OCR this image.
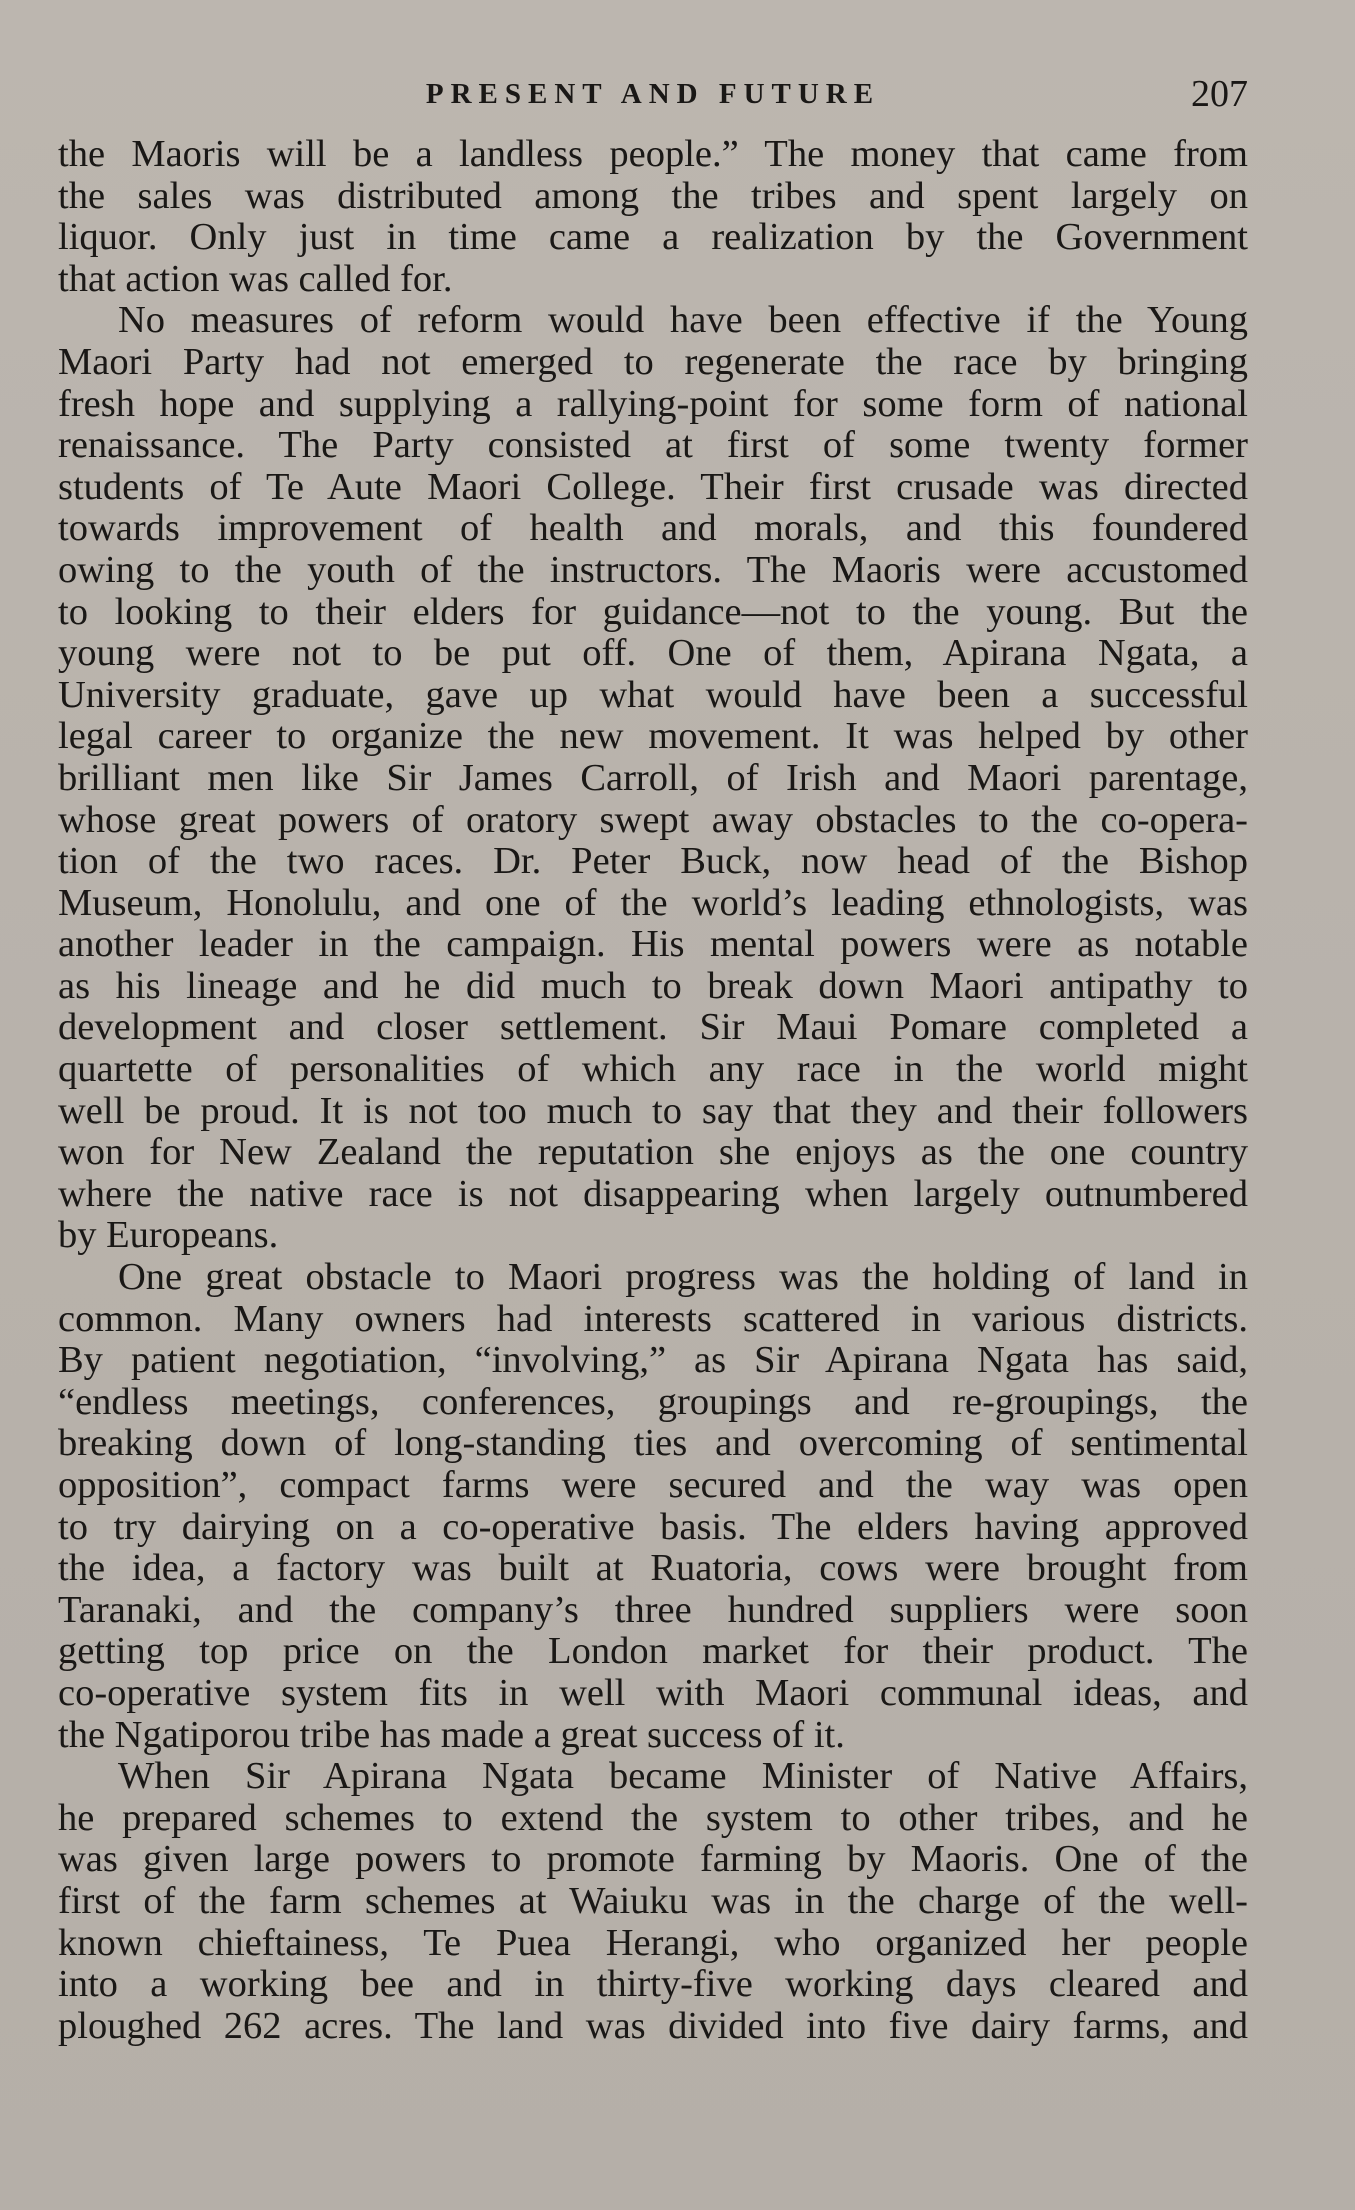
PRESENT AND FUTURE	207
the Maoris will be a landless people.” The money that came from
the sales was distributed among the tribes and spent largely on
liquor. Only just in time came a realization by the Government
that action was called for.
No measures of reform would have been effective if the Young
Maori Party had not emerged to regenerate the race by bringing
fresh hope and supplying a rallying-point for some form of national
renaissance. The Party consisted at first of some twenty former
students of Te Aute Maori College. Their first crusade was directed
towards improvement of health and morals, and this foundered
owing to the youth of the instructors. The Maoris were accustomed
to looking to their elders for guidance—not to the young. But the
young were not to be put off. One of them, Apirana Ngata, a
University graduate, gave up what would have been a successful
legal career to organize the new movement. It was helped by other
brilliant men like Sir James Carroll, of Irish and Maori parentage,
whose great powers of oratory swept away obstacles to the co-opera-
tion of the two races. Dr. Peter Buck, now head of the Bishop
Museum, Honolulu, and one of the world’s leading ethnologists, was
another leader in the campaign. His mental powers were as notable
as his lineage and he did much to break down Maori antipathy to
development and closer settlement. Sir Maui Pomare completed a
quartette of personalities of which any race in the world might
well be proud. It is not too much to say that they and their followers
won for New Zealand the reputation she enjoys as the one country
where the native race is not disappearing when largely outnumbered
by Europeans.
One great obstacle to Maori progress was the holding of land in
common. Many owners had interests scattered in various districts.
By patient negotiation, “involving,” as Sir Apirana Ngata has said,
“endless meetings, conferences, groupings and re-groupings, the
breaking down of long-standing ties and overcoming of sentimental
opposition”, compact farms were secured and the way was open
to try dairying on a co-operative basis. The elders having approved
the idea, a factory was built at Ruatoria, cows were brought from
Taranaki, and the company’s three hundred suppliers were soon
getting top price on the London market for their product. The
co-operative system fits in well with Maori communal ideas, and
the Ngatiporou tribe has made a great success of it.
When Sir Apirana Ngata became Minister of Native Affairs,
he prepared schemes to extend the system to other tribes, and he
was given large powers to promote farming by Maoris. One of the
first of the farm schemes at Waiuku was in the charge of the well-
known chieftainess, Te Puea Herangi, who organized her people
into a working bee and in thirty-five working days cleared and
ploughed 262 acres. The land was divided into five dairy farms, and
